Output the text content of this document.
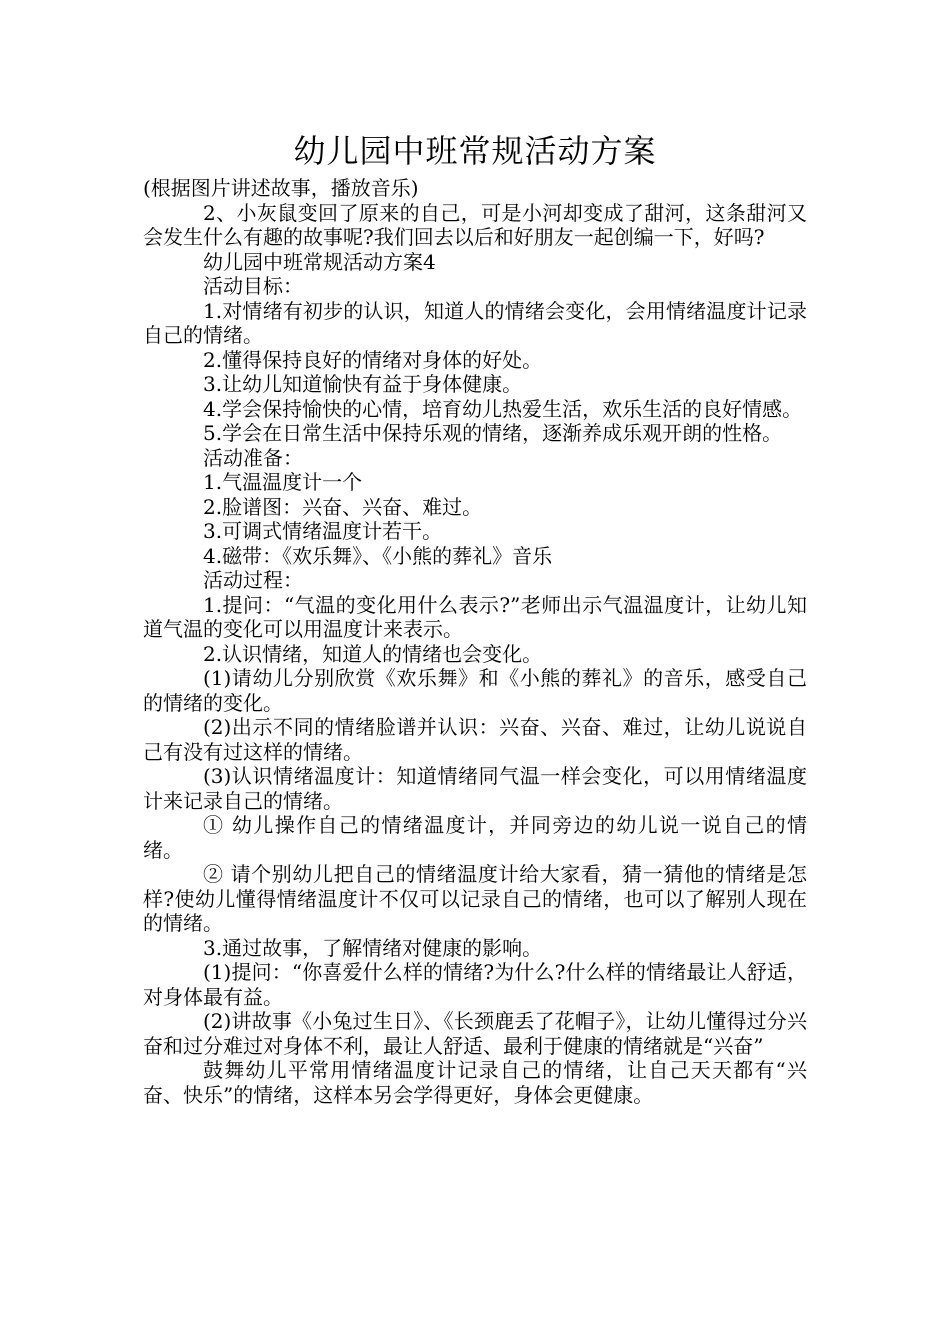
幼儿园中班常规活动方案

(根据图片讲述故事，播放音乐)

2、小灰鼠变回了原来的自己，可是小河却变成了甜河，这条甜河又会发生什么有趣的故事呢?我们回去以后和好朋友一起创编一下，好吗?

幼儿园中班常规活动方案4

活动目标：

1.对情绪有初步的认识，知道人的情绪会变化，会用情绪温度计记录自己的情绪。

2.懂得保持良好的情绪对身体的好处。

3.让幼儿知道愉快有益于身体健康。

4.学会保持愉快的心情，培育幼儿热爱生活，欢乐生活的良好情感。

5.学会在日常生活中保持乐观的情绪，逐渐养成乐观开朗的性格。

活动准备：

1.气温温度计一个

2.脸谱图：兴奋、兴奋、难过。

3.可调式情绪温度计若干。

4.磁带：《欢乐舞》、《小熊的葬礼》音乐

活动过程：

1.提问：“气温的变化用什么表示?”老师出示气温温度计，让幼儿知道气温的变化可以用温度计来表示。

2.认识情绪，知道人的情绪也会变化。

(1)请幼儿分别欣赏《欢乐舞》和《小熊的葬礼》的音乐，感受自己的情绪的变化。

(2)出示不同的情绪脸谱并认识：兴奋、兴奋、难过，让幼儿说说自己有没有过这样的情绪。

(3)认识情绪温度计：知道情绪同气温一样会变化，可以用情绪温度计来记录自己的情绪。

① 幼儿操作自己的情绪温度计，并同旁边的幼儿说一说自己的情绪。

② 请个别幼儿把自己的情绪温度计给大家看，猜一猜他的情绪是怎样?使幼儿懂得情绪温度计不仅可以记录自己的情绪，也可以了解别人现在的情绪。

3.通过故事，了解情绪对健康的影响。

(1)提问：“你喜爱什么样的情绪?为什么?什么样的情绪最让人舒适，对身体最有益。

(2)讲故事《小兔过生日》、《长颈鹿丢了花帽子》，让幼儿懂得过分兴奋和过分难过对身体不利，最让人舒适、最利于健康的情绪就是“兴奋”

鼓舞幼儿平常用情绪温度计记录自己的情绪，让自己天天都有“兴奋、快乐”的情绪，这样本另会学得更好，身体会更健康。
